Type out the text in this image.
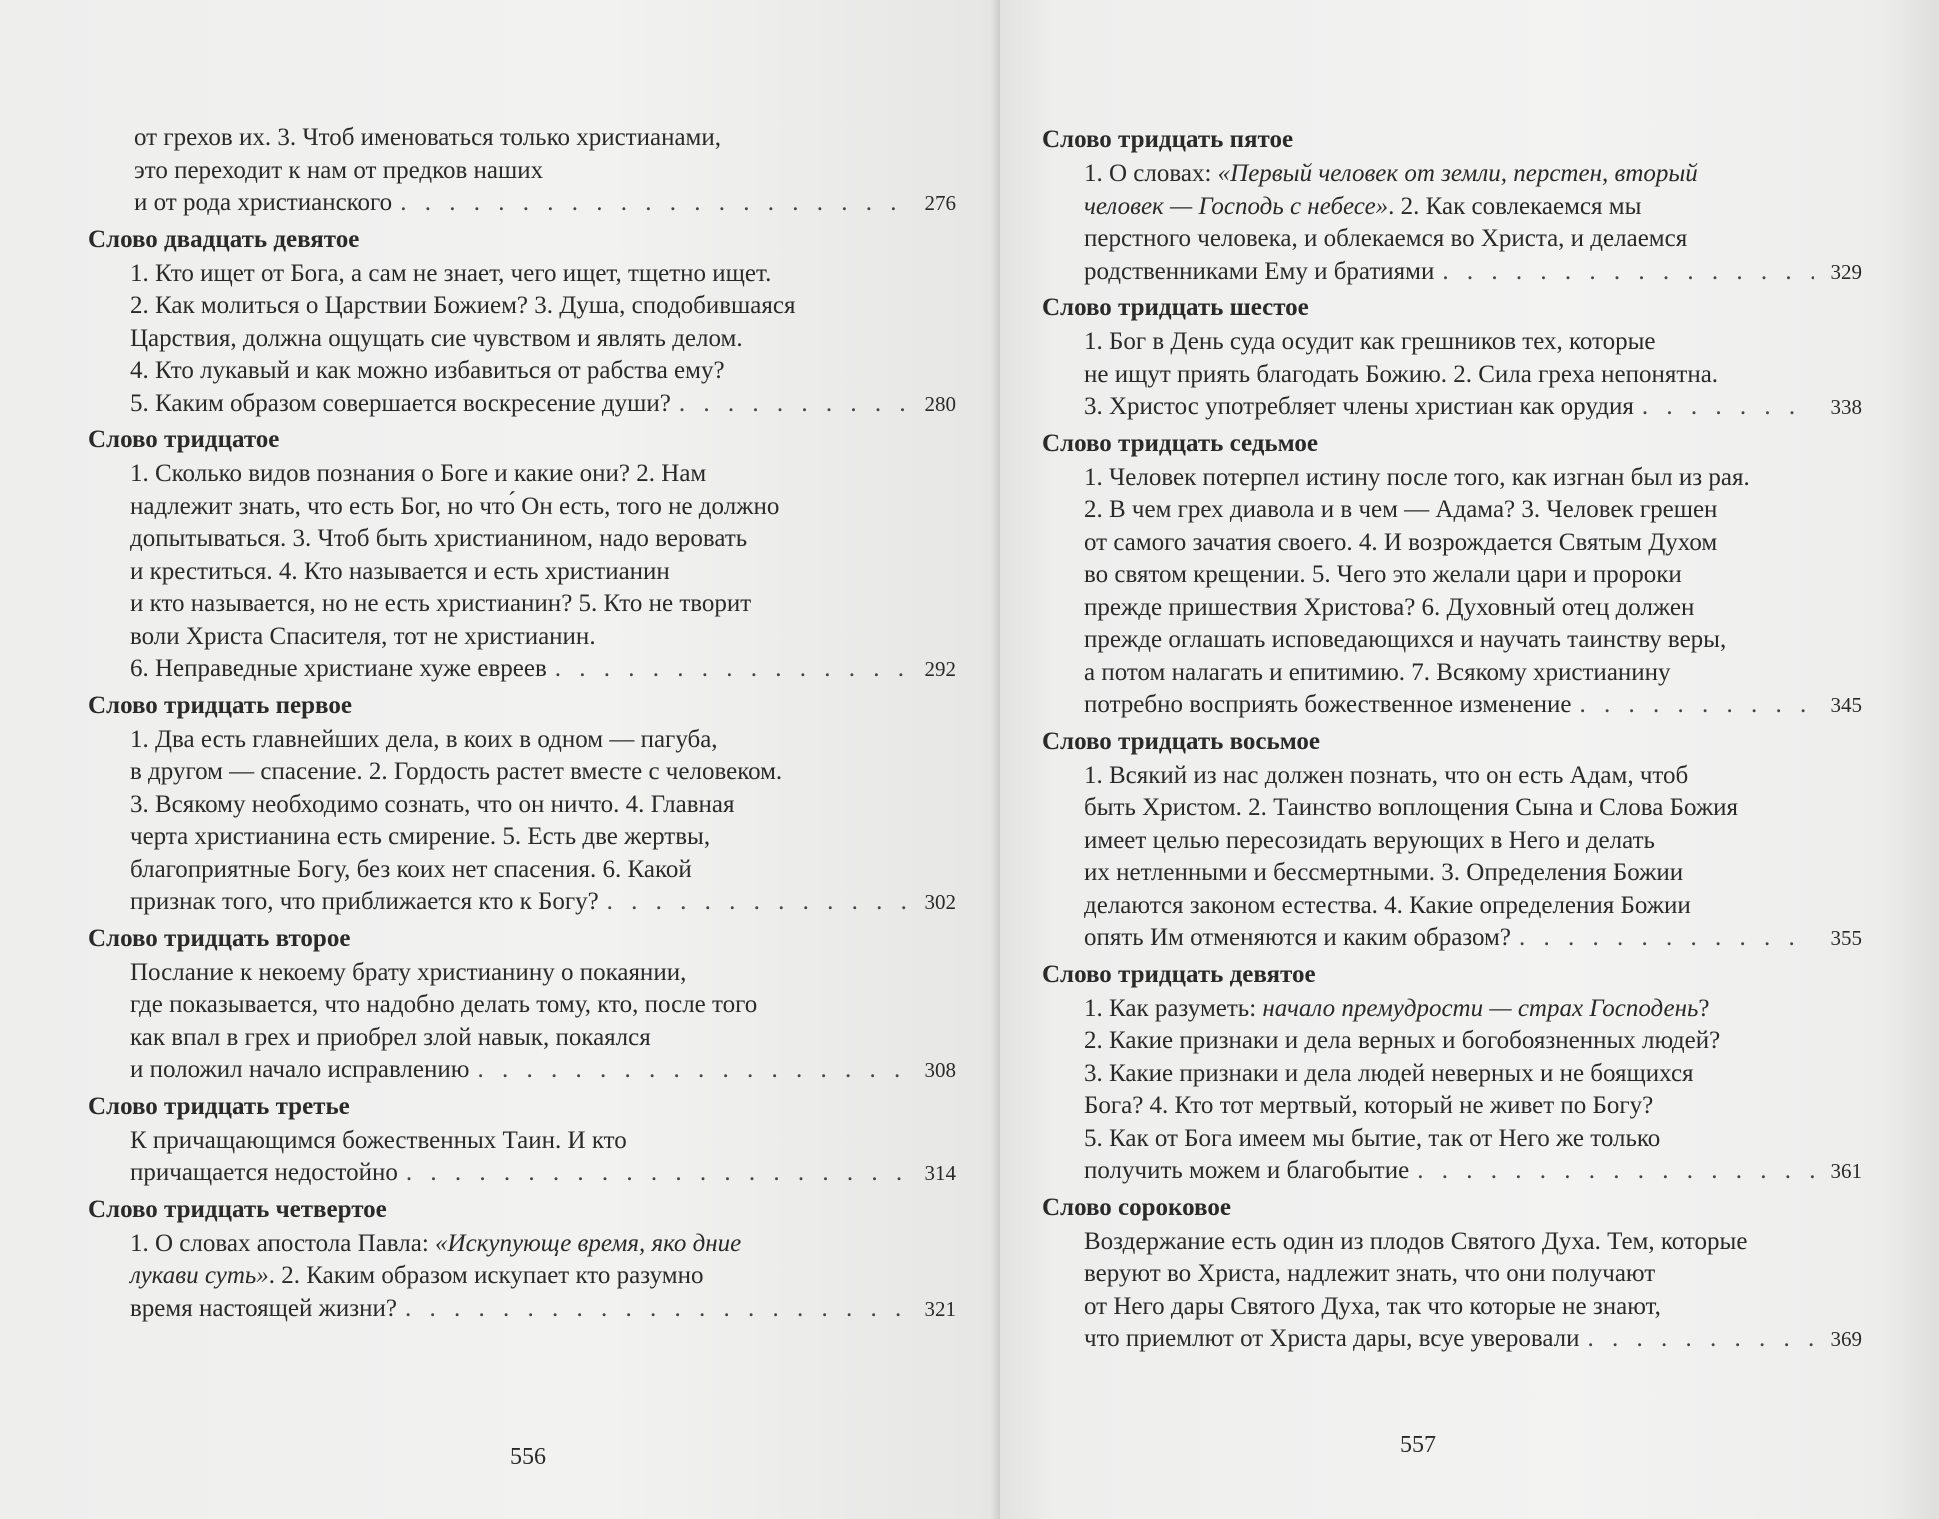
от грехов их. 3. Чтоб именоваться только христианами,
это переходит к нам от предков наших
и от рода христианского . . .	276
Слово двадцать девятое
1. Кто ищет от Бога, а сам не знает, чего ищет, тщетно ищет.
2. Как молиться о Царствии Божием? 3. Душа, сподобившаяся
Царствия, должна ощущать сие чувством и являть делом.
4. Кто лукавый и как можно избавиться от рабства ему?
5. Каким образом совершается воскресение души? . . .	280
Слово тридцатое
1. Сколько видов познания о Боге и какие они? 2. Нам
надлежит знать, что есть Бог, но что́ Он есть, того не должно
допытываться. 3. Чтоб быть христианином, надо веровать
и креститься. 4. Кто называется и есть христианин
и кто называется, но не есть христианин? 5. Кто не творит
воли Христа Спасителя, тот не христианин.
6. Неправедные христиане хуже евреев . . .	292
Слово тридцать первое
1. Два есть главнейших дела, в коих в одном — пагуба,
в другом — спасение. 2. Гордость растет вместе с человеком.
3. Всякому необходимо сознать, что он ничто. 4. Главная
черта христианина есть смирение. 5. Есть две жертвы,
благоприятные Богу, без коих нет спасения. 6. Какой
признак того, что приближается кто к Богу? . . .	302
Слово тридцать второе
Послание к некоему брату христианину о покаянии,
где показывается, что надобно делать тому, кто, после того
как впал в грех и приобрел злой навык, покаялся
и положил начало исправлению . . .	308
Слово тридцать третье
К причащающимся божественных Таин. И кто
причащается недостойно . . .	314
Слово тридцать четвертое
1. О словах апостола Павла: «Искупующе время, яко дние
лукави суть». 2. Каким образом искупает кто разумно
время настоящей жизни? . . .	321
556
Слово тридцать пятое
1. О словах: «Первый человек от земли, перстен, вторый
человек — Господь с небесе». 2. Как совлекаемся мы
перстного человека, и облекаемся во Христа, и делаемся
родственниками Ему и братиями . . .	329
Слово тридцать шестое
1. Бог в День суда осудит как грешников тех, которые
не ищут приять благодать Божию. 2. Сила греха непонятна.
3. Христос употребляет члены христиан как орудия . . .	338
Слово тридцать седьмое
1. Человек потерпел истину после того, как изгнан был из рая.
2. В чем грех диавола и в чем — Адама? 3. Человек грешен
от самого зачатия своего. 4. И возрождается Святым Духом
во святом крещении. 5. Чего это желали цари и пророки
прежде пришествия Христова? 6. Духовный отец должен
прежде оглашать исповедающихся и научать таинству веры,
а потом налагать и епитимию. 7. Всякому христианину
потребно восприять божественное изменение . . .	345
Слово тридцать восьмое
1. Всякий из нас должен познать, что он есть Адам, чтоб
быть Христом. 2. Таинство воплощения Сына и Слова Божия
имеет целью пересозидать верующих в Него и делать
их нетленными и бессмертными. 3. Определения Божии
делаются законом естества. 4. Какие определения Божии
опять Им отменяются и каким образом? . . .	355
Слово тридцать девятое
1. Как разуметь: начало премудрости — страх Господень?
2. Какие признаки и дела верных и богобоязненных людей?
3. Какие признаки и дела людей неверных и не боящихся
Бога? 4. Кто тот мертвый, который не живет по Богу?
5. Как от Бога имеем мы бытие, так от Него же только
получить можем и благобытие . . .	361
Слово сороковое
Воздержание есть один из плодов Святого Духа. Тем, которые
веруют во Христа, надлежит знать, что они получают
от Него дары Святого Духа, так что которые не знают,
что приемлют от Христа дары, всуе уверовали . . .	369
557
